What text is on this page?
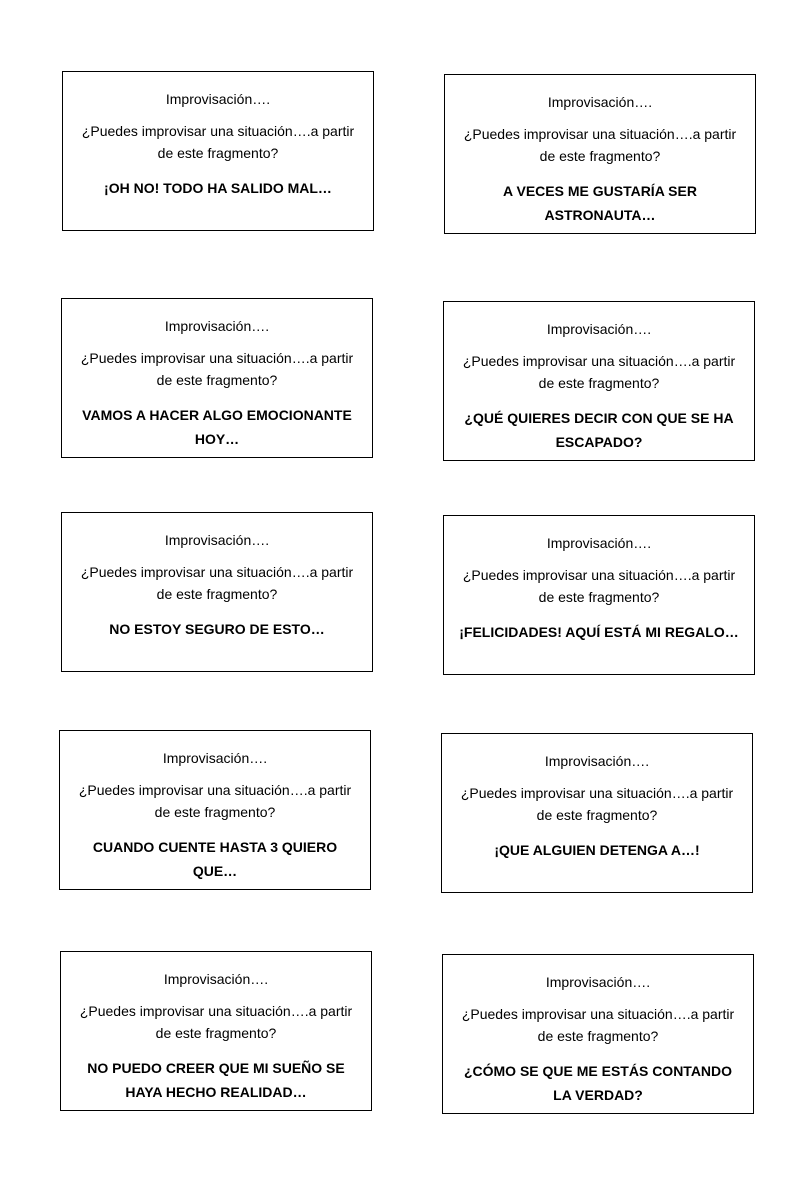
Improvisación….

¿Puedes improvisar una situación….a partir de este fragmento?

¡OH NO! TODO HA SALIDO MAL…

Improvisación….

¿Puedes improvisar una situación….a partir de este fragmento?

A VECES ME GUSTARÍA SER ASTRONAUTA…

Improvisación….

¿Puedes improvisar una situación….a partir de este fragmento?

VAMOS A HACER ALGO EMOCIONANTE HOY…

Improvisación….

¿Puedes improvisar una situación….a partir de este fragmento?

¿QUÉ QUIERES DECIR CON QUE SE HA ESCAPADO?

Improvisación….

¿Puedes improvisar una situación….a partir de este fragmento?

NO ESTOY SEGURO DE ESTO…

Improvisación….

¿Puedes improvisar una situación….a partir de este fragmento?

¡FELICIDADES! AQUÍ ESTÁ MI REGALO…

Improvisación….

¿Puedes improvisar una situación….a partir de este fragmento?

CUANDO CUENTE HASTA 3 QUIERO QUE…

Improvisación….

¿Puedes improvisar una situación….a partir de este fragmento?

¡QUE ALGUIEN DETENGA A…!

Improvisación….

¿Puedes improvisar una situación….a partir de este fragmento?

NO PUEDO CREER QUE MI SUEÑO SE HAYA HECHO REALIDAD…

Improvisación….

¿Puedes improvisar una situación….a partir de este fragmento?

¿CÓMO SE QUE ME ESTÁS CONTANDO LA VERDAD?
